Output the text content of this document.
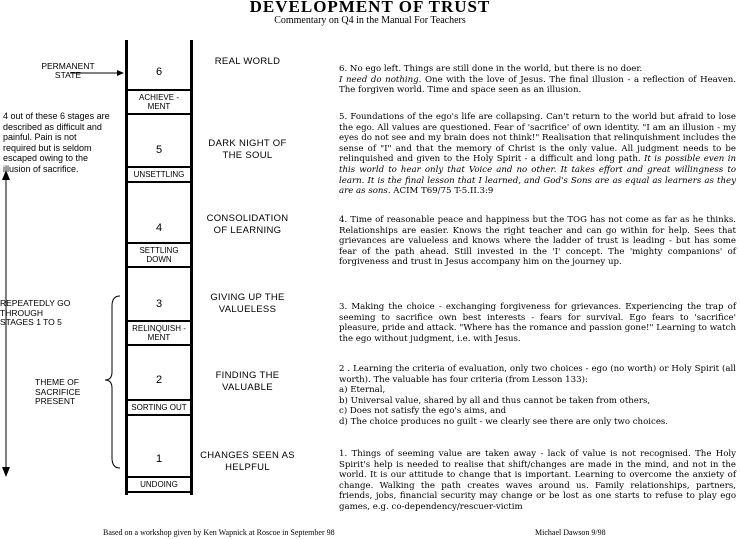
DEVELOPMENT OF TRUST
Commentary on Q4 in the Manual For Teachers
PERMANENT
STATE
4 out of these 6 stages are described as difficult and painful. Pain is not required but is seldom escaped owing to the illusion of sacrifice.
REPEATEDLY GO THROUGH STAGES 1 TO 5
THEME OF SACRIFICE PRESENT
6
5
4
3
2
1
ACHIEVE - MENT
UNSETTLING
SETTLING DOWN
RELINQUISH - MENT
SORTING OUT
UNDOING
REAL WORLD
DARK NIGHT OF THE SOUL
CONSOLIDATION OF LEARNING
GIVING UP THE VALUELESS
FINDING THE VALUABLE
CHANGES SEEN AS HELPFUL
6. No ego left. Things are still done in the world, but there is no doer.
I need do nothing. One with the love of Jesus. The final illusion - a reflection of Heaven. The forgiven world. Time and space seen as an illusion.
5. Foundations of the ego's life are collapsing. Can't return to the world but afraid to lose the ego. All values are questioned. Fear of 'sacrifice' of own identity. "I am an illusion - my eyes do not see and my brain does not think!" Realisation that relinquishment includes the sense of "I" and that the memory of Christ is the only value. All judgment needs to be relinquished and given to the Holy Spirit - a difficult and long path. It is possible even in this world to hear only that Voice and no other. It takes effort and great willingness to learn. It is the final lesson that I learned, and God's Sons are as equal as learners as they are as sons. ACIM T69/75 T-5.II.3:9
4. Time of reasonable peace and happiness but the TOG has not come as far as he thinks. Relationships are easier. Knows the right teacher and can go within for help. Sees that grievances are valueless and knows where the ladder of trust is leading - but has some fear of the path ahead. Still invested in the 'I' concept. The 'mighty companions' of forgiveness and trust in Jesus accompany him on the journey up.
3. Making the choice - exchanging forgiveness for grievances. Experiencing the trap of seeming to sacrifice own best interests - fears for survival. Ego fears to 'sacrifice' pleasure, pride and attack. "Where has the romance and passion gone!" Learning to watch the ego without judgment, i.e. with Jesus.
2 . Learning the criteria of evaluation, only two choices - ego (no worth) or Holy Spirit (all worth). The valuable has four criteria (from Lesson 133):
a) Eternal,
b) Universal value, shared by all and thus cannot be taken from others,
c) Does not satisfy the ego's aims, and
d) The choice produces no guilt - we clearly see there are only two choices.
1. Things of seeming value are taken away - lack of value is not recognised. The Holy Spirit's help is needed to realise that shift/changes are made in the mind, and not in the world. It is our attitude to change that is important. Learning to overcome the anxiety of change. Walking the path creates waves around us. Family relationships, partners, friends, jobs, financial security may change or be lost as one starts to refuse to play ego games, e.g. co-dependency/rescuer-victim
Based on a workshop given by Ken Wapnick at Roscoe in September 98	Michael Dawson 9/98
